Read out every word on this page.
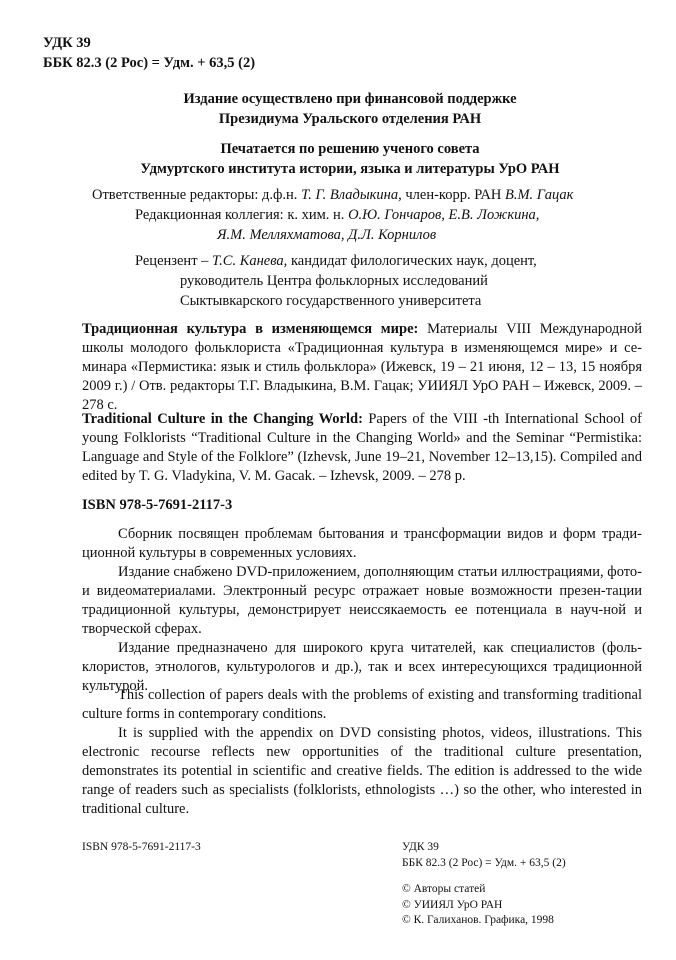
УДК 39
ББК 82.3 (2 Рос) = Удм. + 63,5 (2)
Издание осуществлено при финансовой поддержке
Президиума Уральского отделения РАН
Печатается по решению ученого совета
Удмуртского института истории, языка и литературы УрО РАН
Ответственные редакторы: д.ф.н. Т. Г. Владыкина, член-корр. РАН В.М. Гацак
Редакционная коллегия: к. хим. н. О.Ю. Гончаров, Е.В. Ложкина,
Я.М. Мелляхматова, Д.Л. Корнилов
Рецензент – Т.С. Канева, кандидат филологических наук, доцент,
руководитель Центра фольклорных исследований
Сыктывкарского государственного университета
Традиционная культура в изменяющемся мире: Материалы VIII Международной школы молодого фольклориста «Традиционная культура в изменяющемся мире» и се-минара «Пермистика: язык и стиль фольклора» (Ижевск, 19 – 21 июня, 12 – 13, 15 ноября 2009 г.) / Отв. редакторы Т.Г. Владыкина, В.М. Гацак; УИИЯЛ УрО РАН – Ижевск, 2009. – 278 с.
Traditional Culture in the Changing World: Papers of the VIII -th International School of young Folklorists “Traditional Culture in the Changing World» and the Seminar “Permistika: Language and Style of the Folklore” (Izhevsk, June 19–21, November 12–13,15). Compiled and edited by T. G. Vladykina, V. M. Gacak. – Izhevsk, 2009. – 278 p.
ISBN 978-5-7691-2117-3
Сборник посвящен проблемам бытования и трансформации видов и форм тради-ционной культуры в современных условиях.
Издание снабжено DVD-приложением, дополняющим статьи иллюстрациями, фото- и видеоматериалами. Электронный ресурс отражает новые возможности презен-тации традиционной культуры, демонстрирует неиссякаемость ее потенциала в науч-ной и творческой сферах.
Издание предназначено для широкого круга читателей, как специалистов (фоль-клористов, этнологов, культурологов и др.), так и всех интересующихся традиционной культурой.
This collection of papers deals with the problems of existing and transforming traditional culture forms in contemporary conditions.
It is supplied with the appendix on DVD consisting photos, videos, illustrations. This electronic recourse reflects new opportunities of the traditional culture presentation, demonstrates its potential in scientific and creative fields. The edition is addressed to the wide range of readers such as specialists (folklorists, ethnologists …) so the other, who interested in traditional culture.
ISBN 978-5-7691-2117-3	УДК 39
ББК 82.3 (2 Рос) = Удм. + 63,5 (2)
© Авторы статей
© УИИЯЛ УрО РАН
© К. Галиханов. Графика, 1998
